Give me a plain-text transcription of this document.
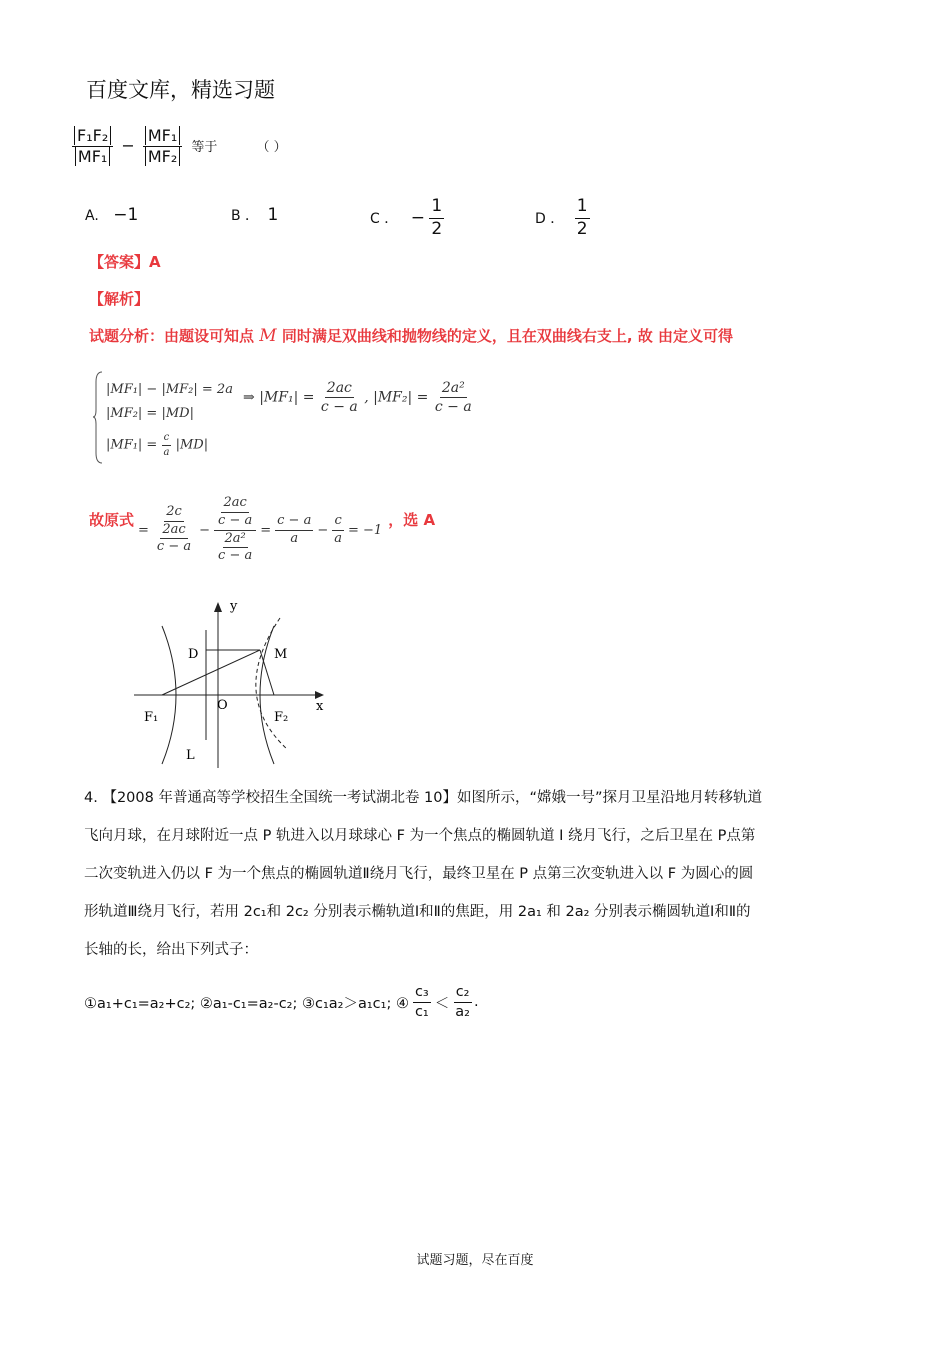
百度文库，精选习题
$\frac{\text{F₁F₂}}{\text{MF₁}} - \frac{\text{MF₁}}{\text{MF₂}}$ 等于	（ ）
A. −1	B ． 1	C ． − $\frac{1}{2}$	D ． $\frac{1}{2}$
【答案】A
【解析】
试题分析：由题设可知点 M 同时满足双曲线和抛物线的定义，且在双曲线右支上, 故 由定义可得
|MF₁| − |MF₂| = 2a
|MF₂| = |MD|
$|MF_1| = \frac{c}{a} |MD|$
⇒ $|MF_1| = \frac{2ac}{c - a}$ , $|MF_2| = \frac{\text{2a²}}{c - a}$
故原式
= $\frac{2c}{\frac{2ac}{c - a}} - \frac{\frac{2ac}{c - a}}{\frac{\text{2a²}}{c - a}} = \frac{c - a}{a} - \frac{c}{a} = -1$
，选 A
y
x
D	M
O
F₁	F₂
L
4. 【2008 年普通高等学校招生全国统一考试湖北卷 10】如图所示，“嫦娥一号”探月卫星沿地月转移轨道
飞向月球，在月球附近一点 P 轨进入以月球球心 F 为一个焦点的椭圆轨道 I 绕月飞行，之后卫星在 P点第
二次变轨进入仍以 F 为一个焦点的椭圆轨道Ⅱ绕月飞行，最终卫星在 P 点第三次变轨进入以 F 为圆心的圆
形轨道Ⅲ绕月飞行，若用 2c₁和 2c₂ 分别表示椭轨道Ⅰ和Ⅱ的焦距，用 2a₁ 和 2a₂ 分别表示椭圆轨道Ⅰ和Ⅱ的
长轴的长，给出下列式子：
①a₁+c₁=a₂+c₂; ②a₁-c₁=a₂-c₂; ③c₁a₂＞a₁c₁; ④ $\frac{\text{c₃}}{\text{c₁}} < \frac{\text{c₂}}{\text{a₂}}$ .
试题习题，尽在百度
